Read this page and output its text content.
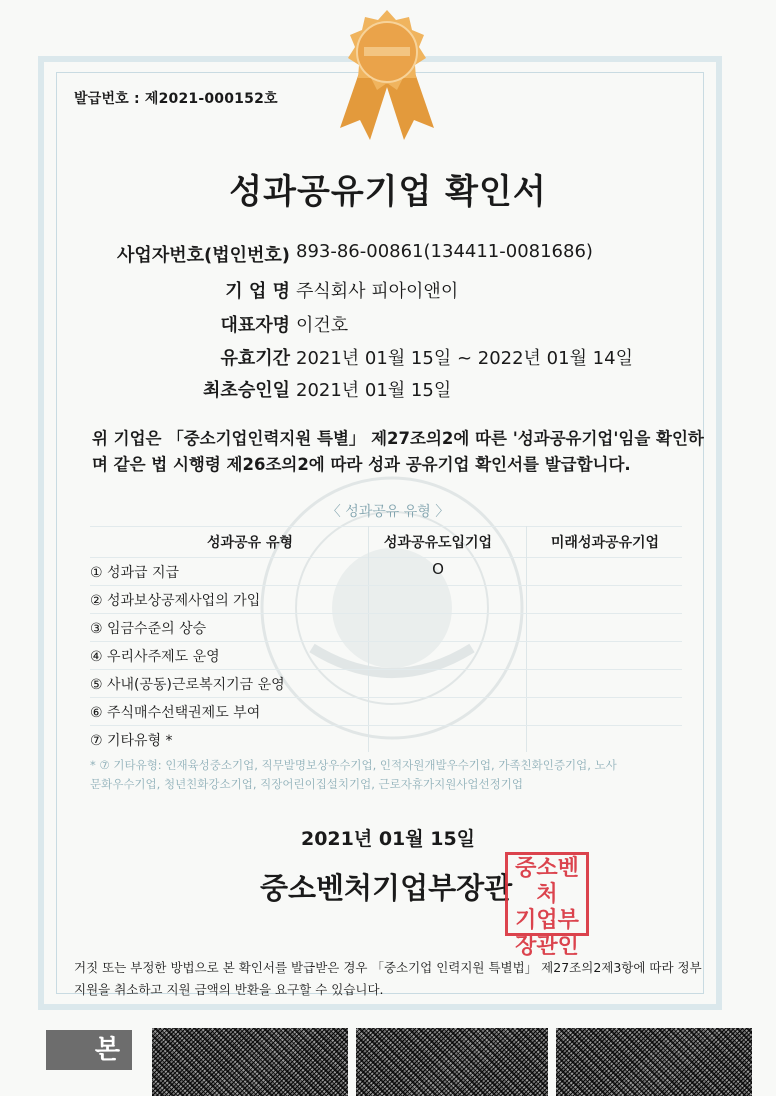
발급번호 : 제2021-000152호
성과공유기업 확인서
사업자번호(법인번호) 893-86-00861(134411-0081686)
기 업 명 주식회사 피아이앤이
대표자명 이건호
유효기간 2021년 01월 15일 ~ 2022년 01월 14일
최초승인일 2021년 01월 15일
위 기업은 「중소기업인력지원 특별」 제27조의2에 따른 '성과공유기업'임을 확인하
며 같은 법 시행령 제26조의2에 따라 성과 공유기업 확인서를 발급합니다.
〈 성과공유 유형 〉
성과공유 유형	성과공유도입기업	미래성과공유기업
① 성과급 지급	O
② 성과보상공제사업의 가입
③ 임금수준의 상승
④ 우리사주제도 운영
⑤ 사내(공동)근로복지기금 운영
⑥ 주식매수선택권제도 부여
⑦ 기타유형 *
* ⑦ 기타유형: 인재육성중소기업, 직무발명보상우수기업, 인적자원개발우수기업, 가족친화인증기업, 노사
문화우수기업, 청년친화강소기업, 직장어린이집설치기업, 근로자휴가지원사업선정기업
2021년 01월 15일
중소벤처기업부장관
중소벤처
기업부
장관인
거짓 또는 부정한 방법으로 본 확인서를 발급받은 경우 「중소기업 인력지원 특별법」 제27조의2제3항에 따라 정부
지원을 취소하고 지원 금액의 반환을 요구할 수 있습니다.
본
